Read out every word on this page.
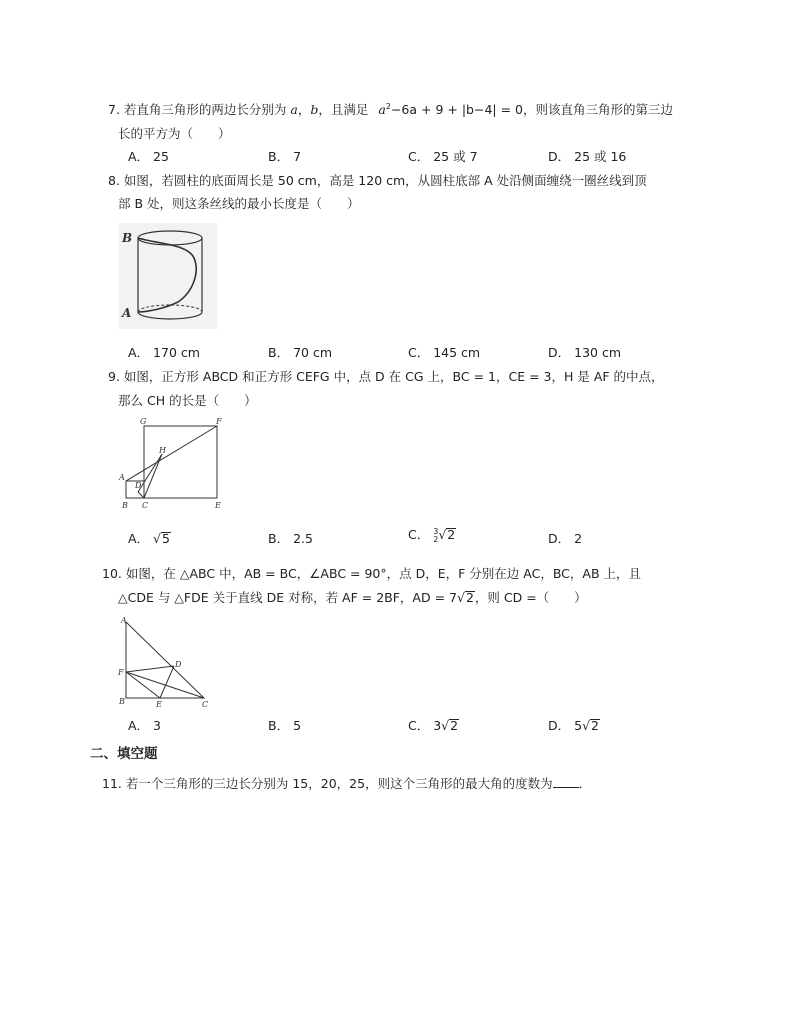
7. 若直角三角形的两边长分别为 a，b，且满足 $a^2-6a + 9 + |b-4| = 0$，则该直角三角形的第三边
长的平方为（　　）
A． 25	B． 7	C． 25 或 7	D． 25 或 16
8. 如图，若圆柱的底面周长是 50 cm，高是 120 cm，从圆柱底部 A 处沿侧面缠绕一圈丝线到顶
部 B 处，则这条丝线的最小长度是（　　）
B
A
A． 170 cm	B． 70 cm	C． 145 cm	D． 130 cm
9. 如图，正方形 ABCD 和正方形 CEFG 中，点 D 在 CG 上，BC = 1，CE = 3，H 是 AF 的中点，
那么 CH 的长是（　　）
G	F
H
A
D
B C	E
A． √5	B． 2.5	C． 3
2√2	D． 2
10. 如图，在 △ABC 中，AB = BC，∠ABC = 90°，点 D，E，F 分别在边 AC，BC，AB 上，且
△CDE 与 △FDE 关于直线 DE 对称，若 AF = 2BF，AD = 7√2，则 CD =（　　）
A
D
F
B	E	C
A． 3	B． 5	C． 3√2	D． 5√2
二、填空题
11. 若一个三角形的三边长分别为 15，20，25，则这个三角形的最大角的度数为 ．
